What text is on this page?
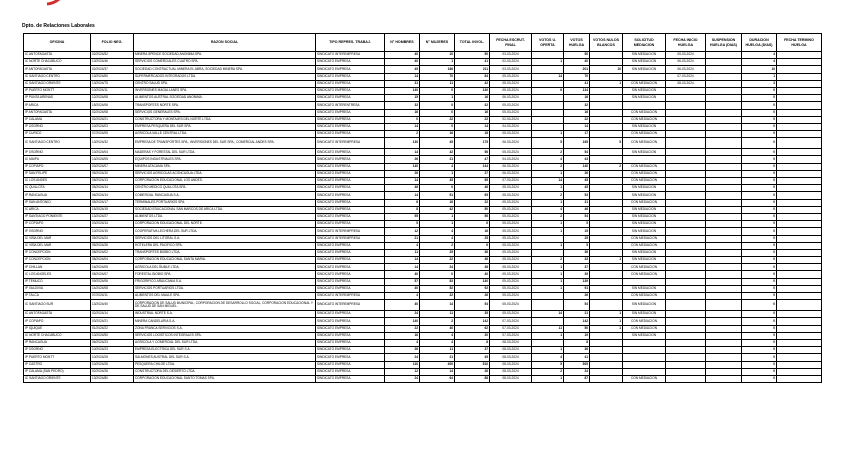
Dpto. de Relaciones Laborales
OFICINA	FOLIO NEG.	RAZON SOCIAL	TIPO REPRES. TRABAJ.	N° HOMBRES	N° MUJERES	TOTAL INVOL.	FECHA ESCRUT. FINAL	VOTOS U. OFERTA	VOTOS HUELGA	VOTOS NULOS BLANCOS	SOLICITUD MEDIACION	FECHA INICIO HUELGA	SUSPENSION HUELGA (DIAS)	DURACION HUELGA (DIAS)	FECHA TERMINO HUELGA
IC ANTOFAGASTA	02/2024/52	MINERA SPENCE SOCIEDAD ANONIMA SPA.	SINDICATO INTEREMPRESA	40	10	50	03-03-2024		50		SIN MEDIACION	05-03-2024		4	
IC NORTE CHACABUCO	13/2024/46	SERVICIOS COMERCIALES CUATRO SPA.	SINDICATO EMPRESA	40	1	41	02-03-2024	1	40		SIN MEDIACION	06-03-2024		4	
IP ANTOFAGASTA	02/2024/37	SOCIEDAD CONTRACTUAL MINERA EL ABRA, SOCIEDAD MINERA SPA.	SINDICATO EMPRESA	45	166	211	03-03-2024		201	10	SIN MEDIACION	06-03-2024		10	
IC SANTIAGO CENTRO	13/2024/60	SUPERMERCADOS INTEGRADOS LTDA.	SINDICATO EMPRESA	14	70	84	05-03-2024	14	70			07-03-2024		1	
IC SANTIAGO ORIENTE	13/2024/75	CENTRO SALUD SPA.	SINDICATO EMPRESA	31	11	42	05-03-2024		41	1	CON MEDIACION	08-03-2024		3	
IP PUERTO MONTT	10/2024/11	INVERSIONES MAGALLANES SPA.	SINDICATO EMPRESA	140	0	140	05-03-2024	6	134		SIN MEDIACION			0	
IP PUNTA ARENAS	12/2024/08	ALIMENTOS AUSTRAL SOCIEDAD ANONIMA.	SINDICATO EMPRESA	15	1	16	06-03-2024		16		SIN MEDIACION			0	
IP ARICA	15/2024/06	TRANSPORTES NORTE SPA.	SINDICATO INTERENTRESA	32	0	32	05-03-2024		32					0	
IP ANTOFAGASTA	02/2024/08	SERVICIOS GENERALES SPA.	SINDICATO EMPRESA	16	0	16	05-03-2024		16		CON MEDIACION			0	
IP CALAMA	02/2024/21	CONSTRUCTORA Y MONTAJES DEL NORTE LTDA.	SINDICATO EMPRESA	0	22	22	02-03-2024		22		CON MEDIACION			0	
IP OSORNO	10/2024/03	EMPRESA PESQUERA DEL SUR SPA.	SINDICATO EMPRESA	14	0	14	04-03-2024		14		SIN MEDIACION			0	
IP CURICO	07/2024/05	AGRICOLA VALLE CENTRAL LTDA.	SINDICATO EMPRESA	2	16	18	05-03-2024	1	17		CON MEDIACION			0	
IC SANTIAGO CENTRO	13/2024/32	EMPRESA DE TRANSPORTES SPA., INVERSIONES DEL SUR SPA., COMERCIAL ANDES SPA.	SINDICATO INTEREMPRESA	130	45	175	06-03-2024	5	165	5	CON MEDIACION			0	
IP OSORNO	10/2024/04	MADERAS Y FORESTAL DEL SUR LTDA.	SINDICATO EMPRESA	14	42	56	05-03-2024	2	54		SIN MEDIACION			0	
IC MAIPU	13/2024/05	EQUIPOS INDUSTRIALES SPA.	SINDICATO EMPRESA	26	21	47	04-03-2024	4	43					0	
IP COPIAPO	03/2024/07	MINERA ATACAMA SPA.	SINDICATO EMPRESA	140	4	144	06-03-2024	2	140	2	CON MEDIACION			0	
IP SAN FELIPE	05/2024/10	SERVICIOS AGRICOLAS ACONCAGUA LTDA.	SINDICATO EMPRESA	26	1	27	06-03-2024	1	26		CON MEDIACION			0	
IC LOS ANDES	05/2024/13	CORPORACION EDUCACIONAL LOS ANDES.	SINDICATO EMPRESA	14	45	59	07-03-2024	14	45		CON MEDIACION			0	
IC QUILLOTA	05/2024/14	CENTRO MEDICO QUILLOTA SPA.	SINDICATO EMPRESA	46	0	46	05-03-2024	1	45		SIN MEDIACION			0	
IP RANCAGUA	06/2024/14	COMERCIAL RANCAGUA S.A.	SINDICATO EMPRESA	14	51	65	05-03-2024	2	53		SIN MEDIACION			0	
IP SAN ANTONIO	05/2024/17	TERMINALES PORTUARIOS SPA.	SINDICATO EMPRESA	6	16	22	05-03-2024	1	21		CON MEDIACION			0	
IC ARICA	15/2024/15	SOCIEDAD EDUCACIONAL SAN MARCOS DE ARICA LTDA.	SINDICATO EMPRESA	8	42	50	05-03-2024	4	46		SIN MEDIACION			0	
IP SANTIAGO PONIENTE	13/2024/27	ALIMENTOS LTDA.	SINDICATO EMPRESA	55	1	56	05-03-2024	2	54		SIN MEDIACION			0	
IP COPIAPO	03/2024/14	CORPORACION EDUCACIONAL DEL NORTE.	SINDICATO EMPRESA	5	1	6	05-03-2024	1	5		SIN MEDIACION			0	
IP OSORNO	10/2024/15	COOPERATIVA LECHERA DEL SUR LTDA.	SINDICATO INTEREMPRESA	12	4	16	05-03-2024	1	15		SIN MEDIACION			0	
IC VIÑA DEL MAR	05/2024/24	SERVICIOS DEL LITORAL S.A.	SINDICATO INTEREMPRESA	21	4	25	05-03-2024		25		CON MEDIACION			0	
IC VIÑA DEL MAR	05/2024/26	HOTELERA DEL PACIFICO SPA.	SINDICATO EMPRESA	4	2	6	05-03-2024	1	5		CON MEDIACION			0	
IP CONCEPCION	08/2024/02	TRANSPORTES BIOBIO LTDA.	SINDICATO EMPRESA	11	25	36	05-03-2024		36		SIN MEDIACION			0	
IP CONCEPCION	08/2024/04	CORPORACION EDUCACIONAL SANTA MARIA.	SINDICATO EMPRESA	14	22	36	05-03-2024	2	33	1	SIN MEDIACION			0	
IP CHILLAN	16/2024/05	AGRICOLA DEL ÑUBLE LTDA.	SINDICATO EMPRESA	14	24	38	05-03-2024	1	37		CON MEDIACION			0	
IC LOS ANGELES	08/2024/07	FORESTAL BIOBIO SPA.	SINDICATO EMPRESA	40	0	40	05-03-2024	1	39		CON MEDIACION			0	
IP TEMUCO	09/2024/06	FRIGORIFICO ARAUCANIA S.A.	SINDICATO EMPRESA	57	83	140	05-03-2024	1	139					0	
IP VALDIVIA	14/2024/08	SERVICIOS PORTUARIOS LTDA.	SINDICATO EMPRESA	40	52	92	05-03-2024	1	91		SIN MEDIACION			0	
IP TALCA	07/2024/11	ALIMENTOS DEL MAULE SPA.	SINDICATO INTEREMPRESA	4	22	26	05-03-2024		26		CON MEDIACION			0	
IC SANTIAGO SUR	13/2024/40	CORPORACION DE SALUD MUNICIPAL, CORPORACION DE DESARROLLO SOCIAL, CORPORACION EDUCACIONAL Y DE SALUD DE SAN MIGUEL.	SINDICATO INTEREMPRESA	40	14	54	05-03-2024		54		SIN MEDIACION			0	
IC ANTOFAGASTA	02/2024/14	INDUSTRIAL NORTE S.A.	SINDICATO EMPRESA	24	11	35	05-03-2024	14	21	1	SIN MEDIACION			0	
IP COPIAPO	03/2024/21	MINERA CANDELARIA S.A.	SINDICATO EMPRESA	140	2	142	07-03-2024		142	1	CON MEDIACION			0	
IP IQUIQUE	01/2024/22	ZONA FRANCA SERVICIOS S.A.	SINDICATO EMPRESA	22	40	62	07-03-2024	11	50	1	CON MEDIACION			0	
IC NORTE CHACABUCO	13/2024/50	SERVICIOS LOGISTICOS INTEGRALES SPA.	SINDICATO EMPRESA	16	4	20	07-03-2024	1	19		SIN MEDIACION			0	
IP RANCAGUA	06/2024/23	AGRICOLA Y COMERCIAL DEL SUR LTDA.	SINDICATO EMPRESA	4	4	8	08-03-2024		8					0	
IP OSORNO	10/2024/23	EMPRESA ELECTRICA DEL SUR S.A.	SINDICATO EMPRESA	26	11	37	08-03-2024	1	36					0	
IP PUERTO MONTT	10/2024/25	SALMONES AUSTRAL DEL SUR S.A.	SINDICATO EMPRESA	24	21	45	08-03-2024	4	41					0	
IP CASTRO	10/2024/26	PESQUERA CHILOE LTDA.	SINDICATO EMPRESA	110	400	510	08-03-2024	5	505					0	
IP CALAMA (SAN PEDRO)	02/2024/26	CONSTRUCTORA DEL DESIERTO LTDA.	SINDICATO EMPRESA	12	14	26	08-03-2024	2	24					0	
IC SANTIAGO ORIENTE	13/2024/80	CORPORACION EDUCACIONAL SANTO TOMAS SPA.	SINDICATO EMPRESA	24	64	88	08-03-2024	1	87		CON MEDIACION			0	
